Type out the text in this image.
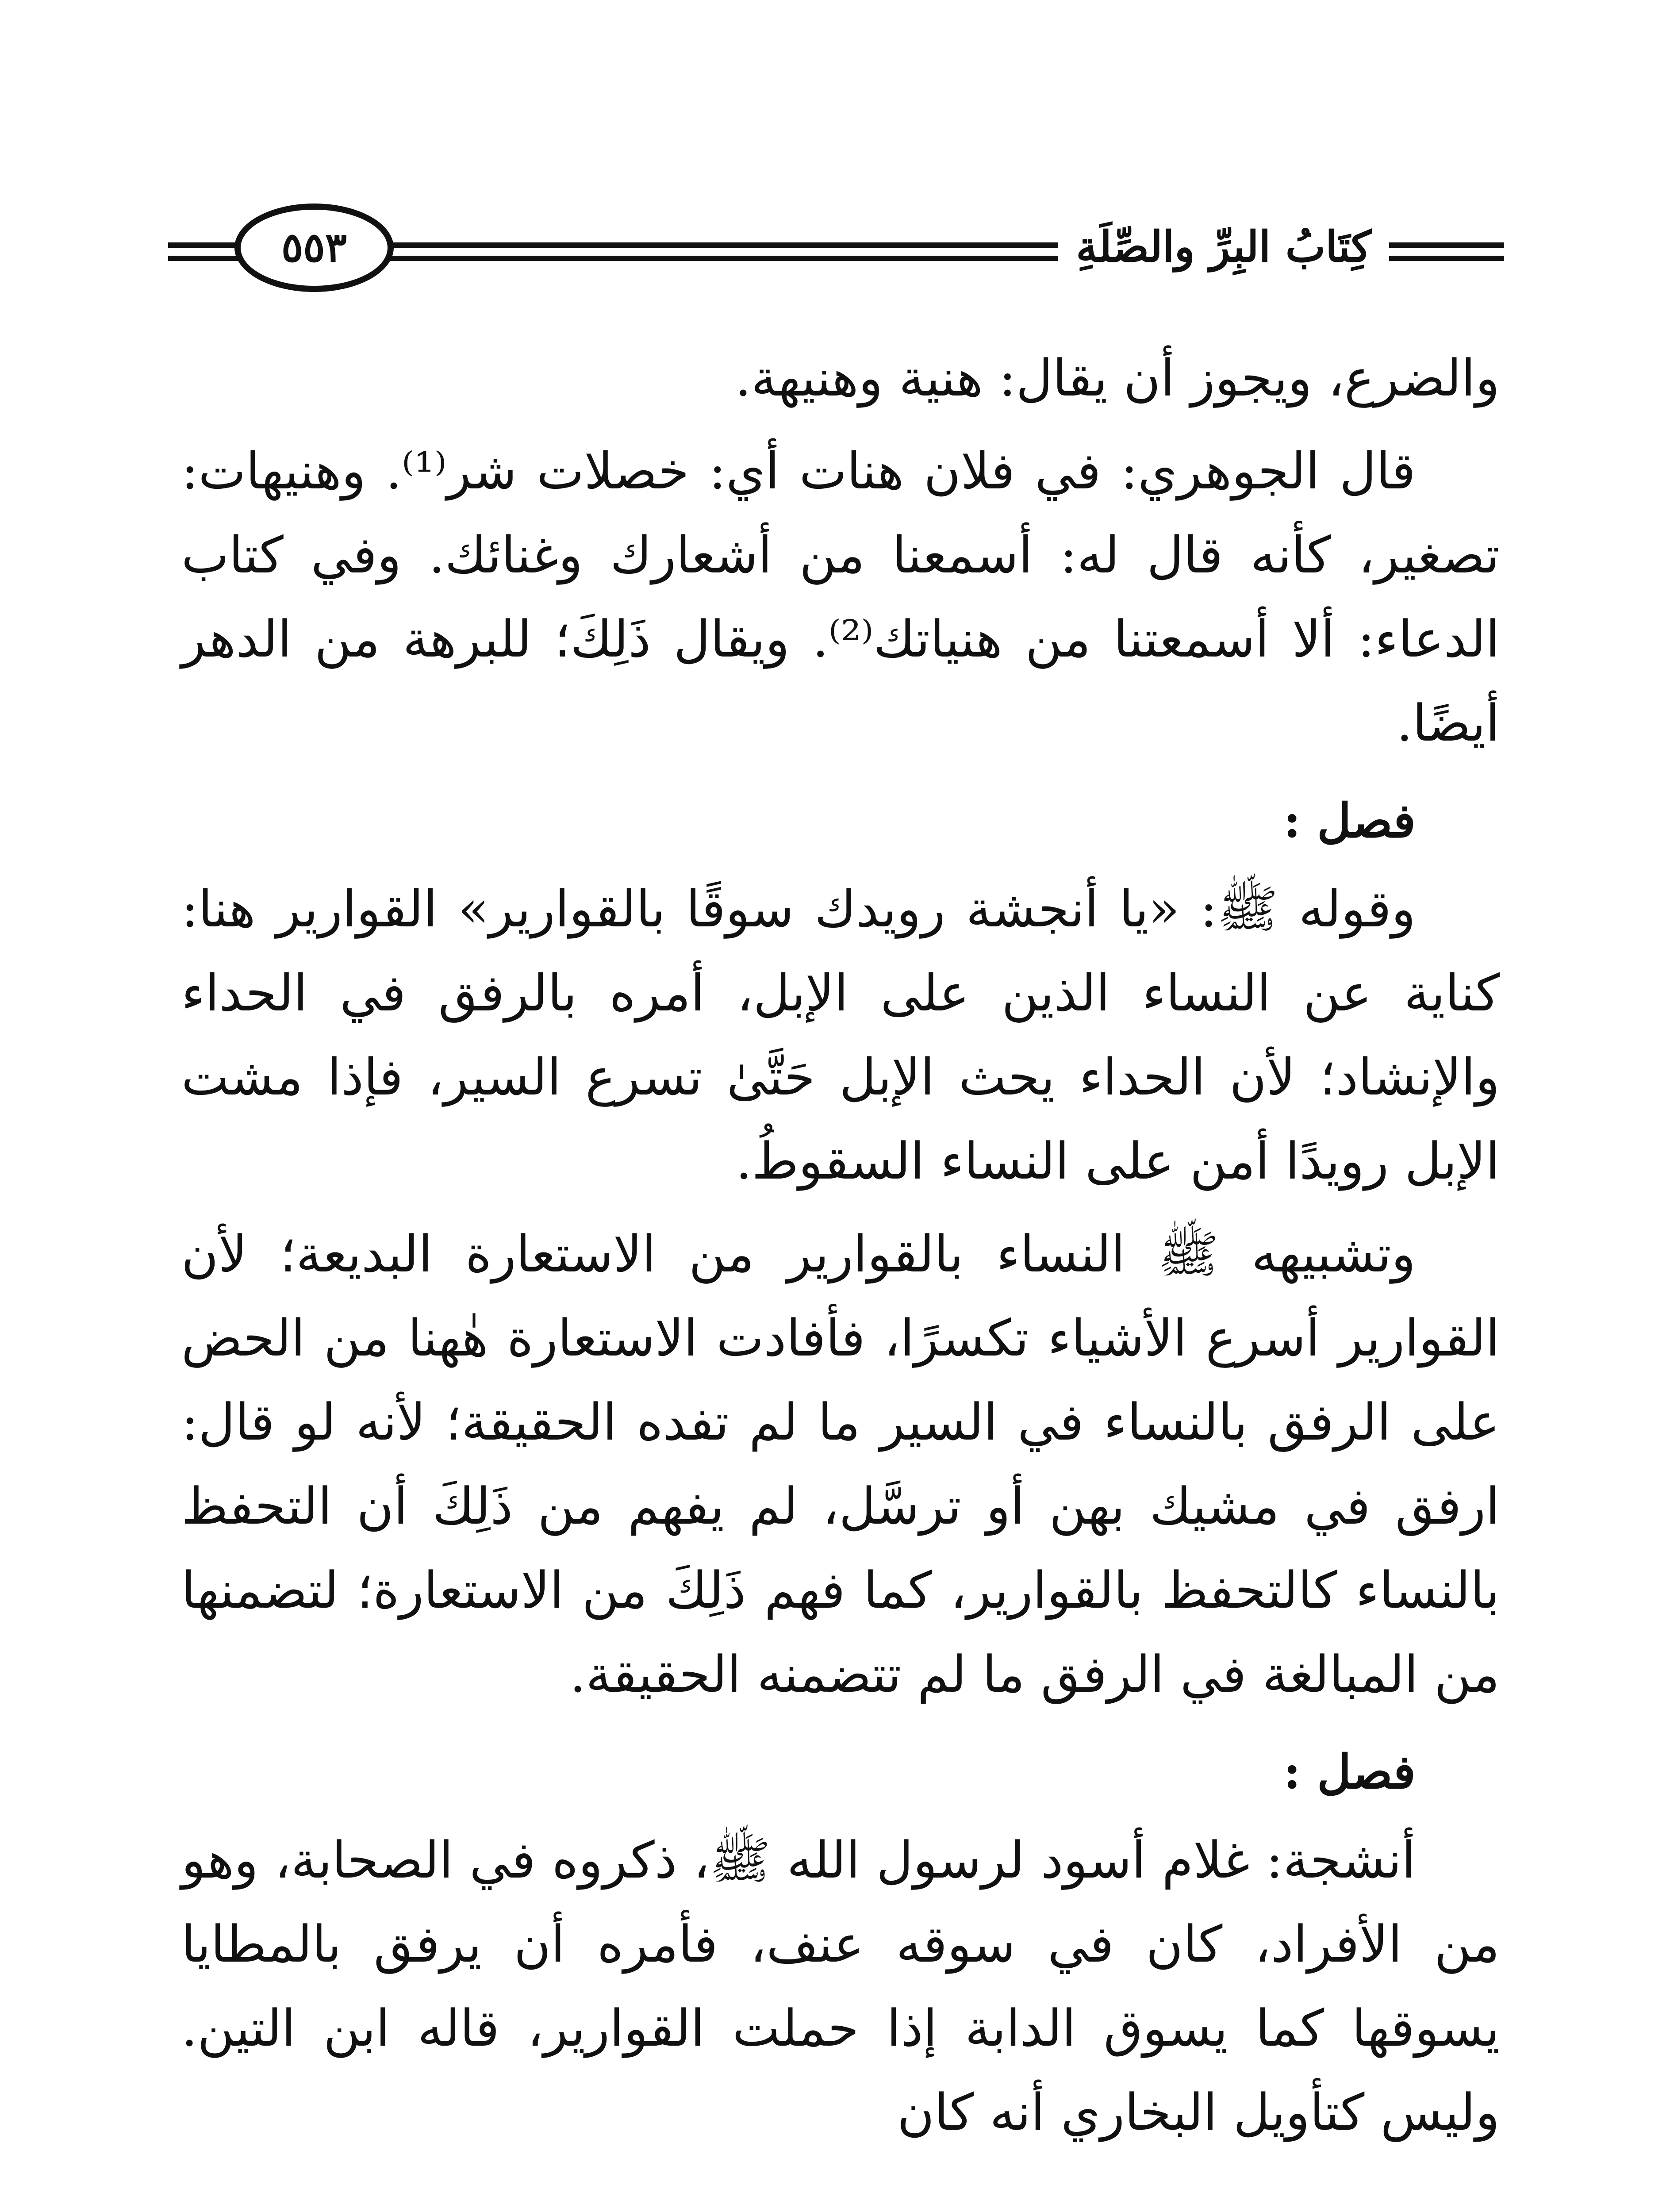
كِتَابُ البِرِّ والصِّلَةِ
٥٥٣

والضرع، ويجوز أن يقال: هنية وهنيهة.

قال الجوهري: في فلان هنات أي: خصلات شر⁽¹⁾. وهنيهات: تصغير، كأنه قال له: أسمعنا من أشعارك وغنائك. وفي كتاب الدعاء: ألا أسمعتنا من هنياتك⁽²⁾. ويقال ذَلِكَ؛ للبرهة من الدهر أيضًا.

فصل :

وقوله ﷺ: «يا أنجشة رويدك سوقًا بالقوارير» القوارير هنا: كناية عن النساء الذين على الإبل، أمره بالرفق في الحداء والإنشاد؛ لأن الحداء يحث الإبل حَتَّىٰ تسرع السير، فإذا مشت الإبل رويدًا أمن على النساء السقوطُ.

وتشبيهه ﷺ النساء بالقوارير من الاستعارة البديعة؛ لأن القوارير أسرع الأشياء تكسرًا، فأفادت الاستعارة هٰهنا من الحض على الرفق بالنساء في السير ما لم تفده الحقيقة؛ لأنه لو قال: ارفق في مشيك بهن أو ترسَّل، لم يفهم من ذَلِكَ أن التحفظ بالنساء كالتحفظ بالقوارير، كما فهم ذَلِكَ من الاستعارة؛ لتضمنها من المبالغة في الرفق ما لم تتضمنه الحقيقة.

فصل :

أنشجة: غلام أسود لرسول الله ﷺ، ذكروه في الصحابة، وهو من الأفراد، كان في سوقه عنف، فأمره أن يرفق بالمطايا يسوقها كما يسوق الدابة إذا حملت القوارير، قاله ابن التين. وليس كتأويل البخاري أنه كان
